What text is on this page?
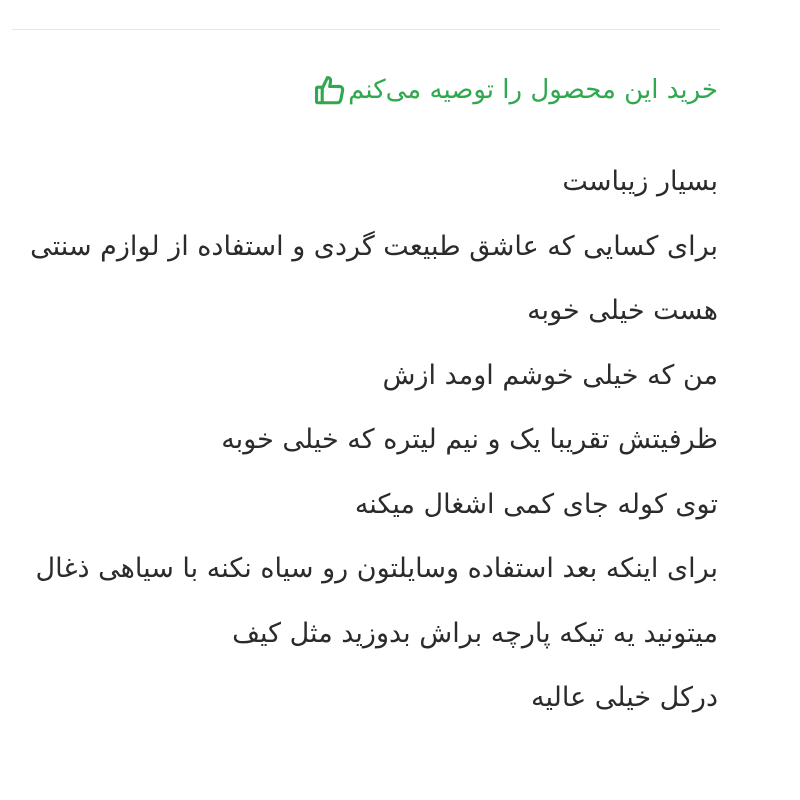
خرید این محصول را توصیه می‌کنم

بسیار زیباست

برای کسایی که عاشق طبیعت گردی و استفاده از لوازم سنتی هست خیلی خوبه

من که خیلی خوشم اومد ازش

ظرفیتش تقریبا یک و نیم لیتره که خیلی خوبه

توی کوله جای کمی اشغال میکنه

برای اینکه بعد استفاده وسایلتون رو سیاه نکنه با سیاهی ذغال میتونید یه تیکه پارچه براش بدوزید مثل کیف

درکل خیلی عالیه
